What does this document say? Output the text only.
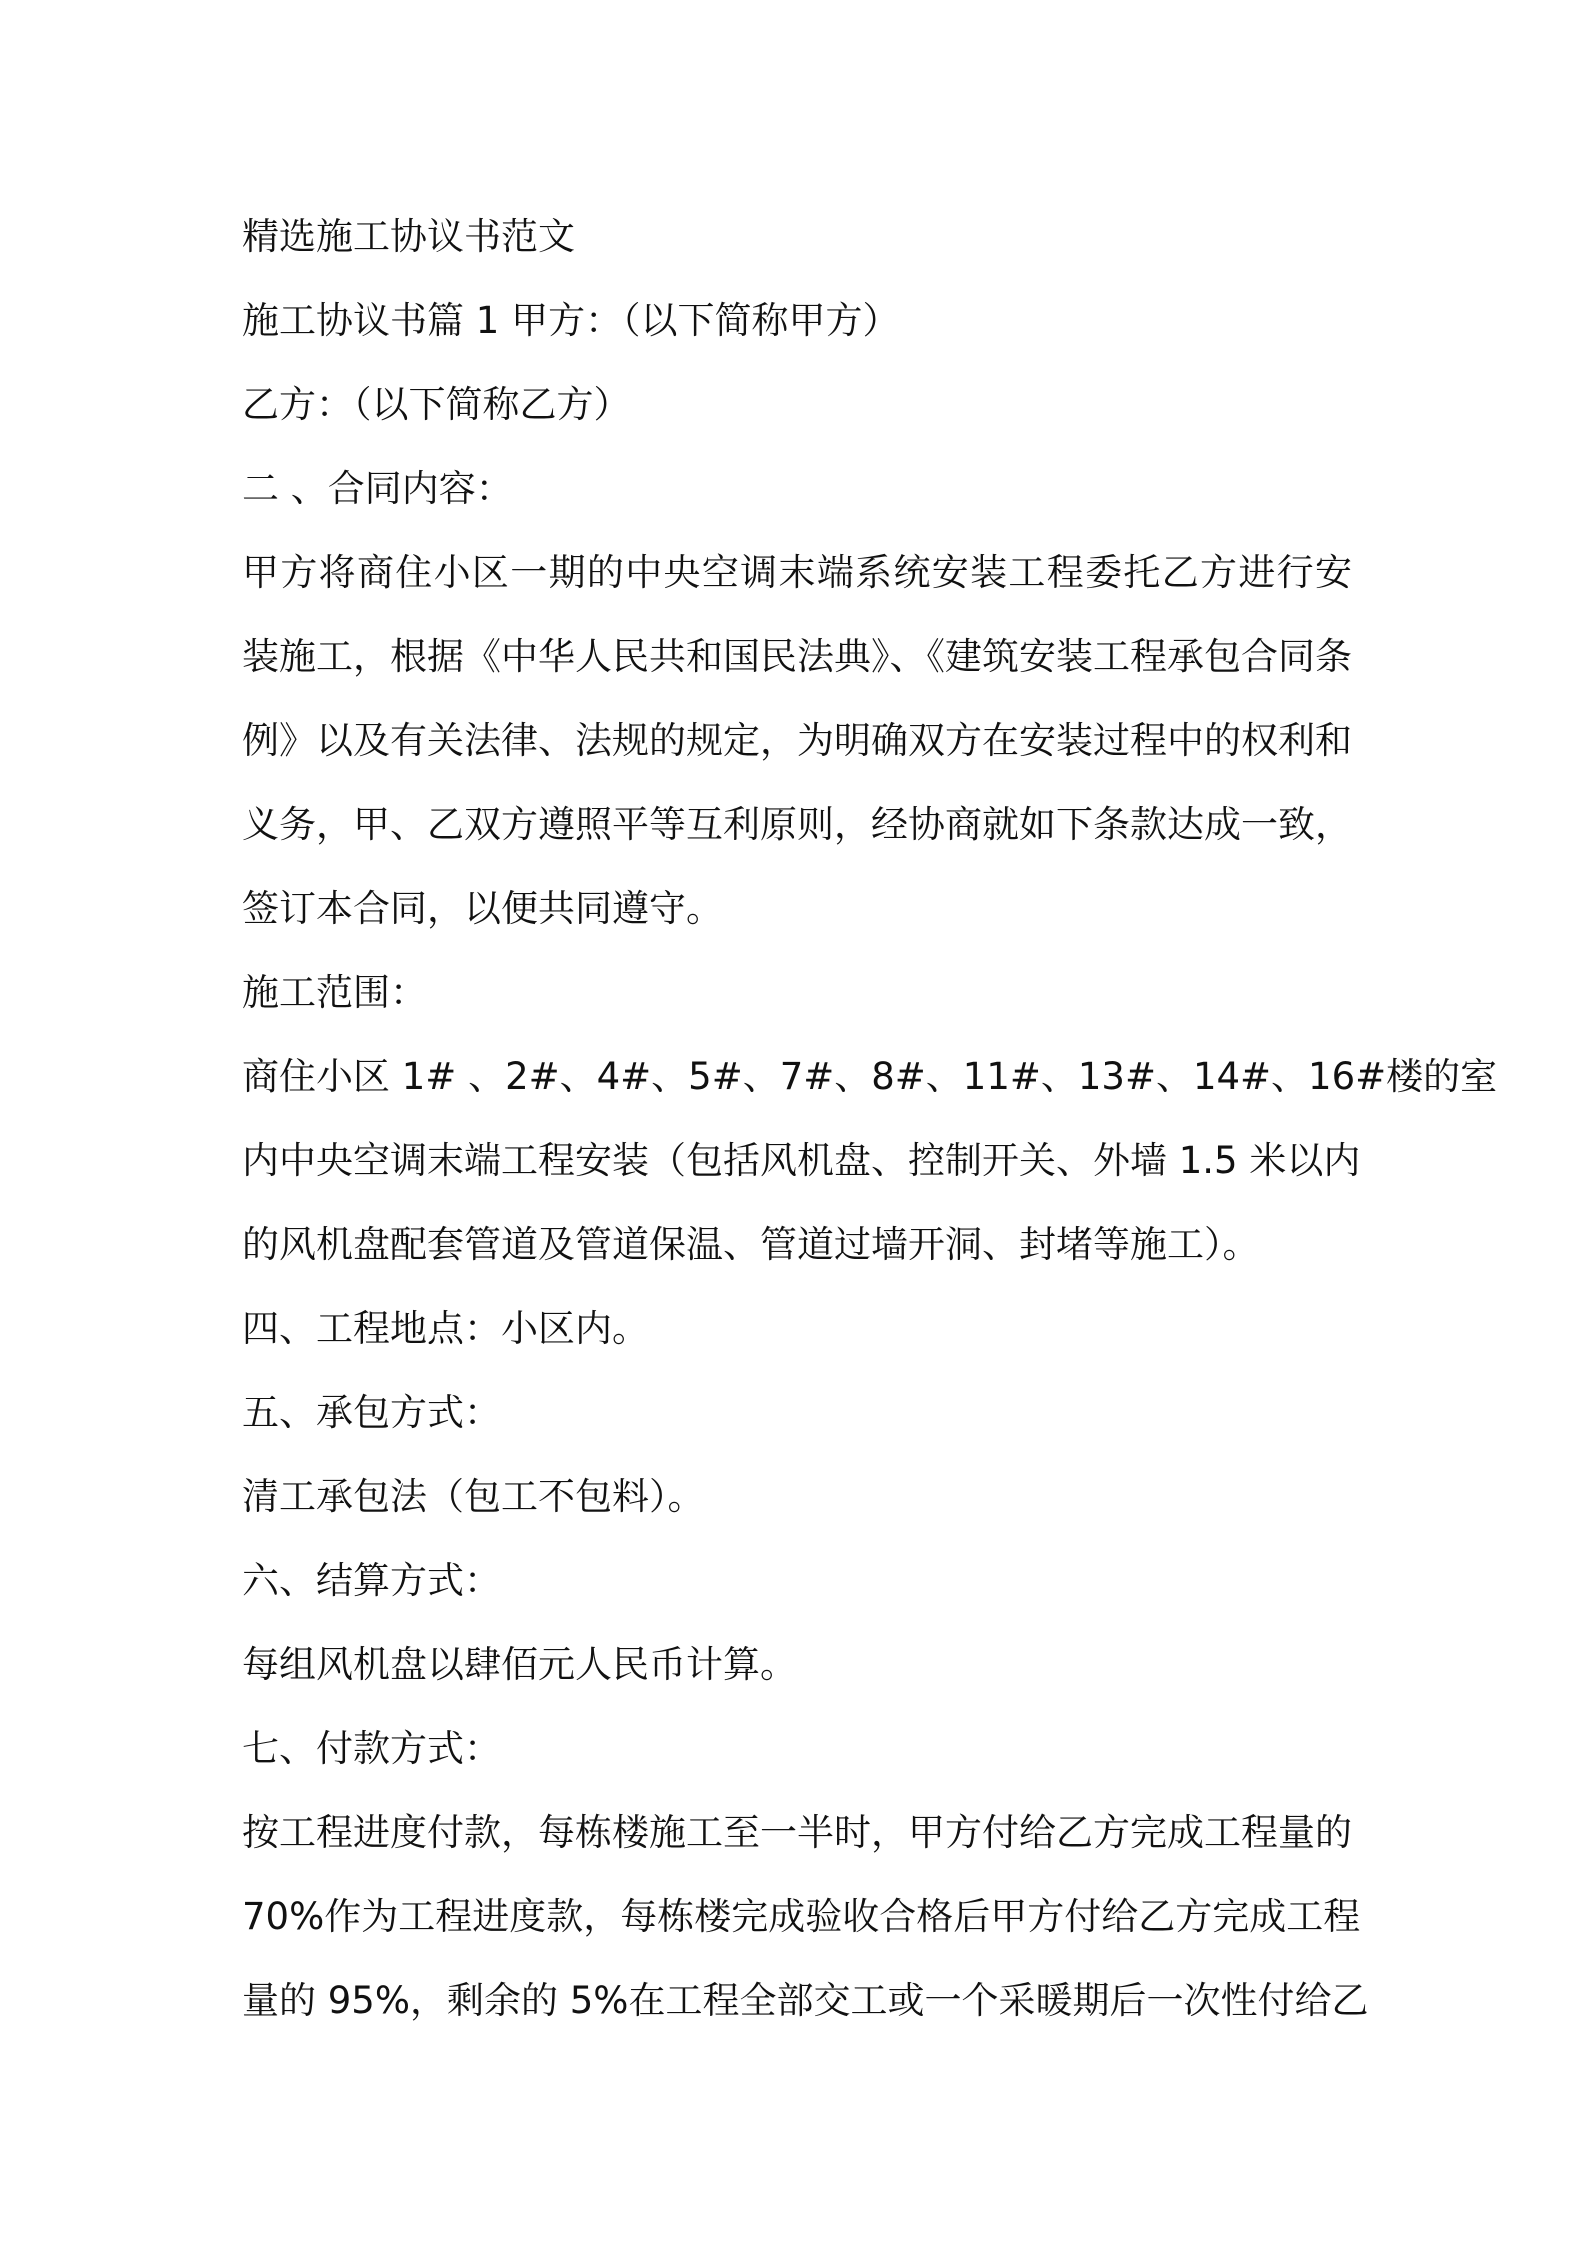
精选施工协议书范文
施工协议书篇 1 甲方：（以下简称甲方）
乙方：（以下简称乙方）
二 、合同内容：
甲方将商住小区一期的中央空调末端系统安装工程委托乙方进行安
装施工，根据《中华人民共和国民法典》、《建筑安装工程承包合同条
例》以及有关法律、法规的规定，为明确双方在安装过程中的权利和
义务，甲、乙双方遵照平等互利原则，经协商就如下条款达成一致，
签订本合同，以便共同遵守。
施工范围：
商住小区 1# 、2#、4#、5#、7#、8#、11#、13#、14#、16#楼的室
内中央空调末端工程安装（包括风机盘、控制开关、外墙 1.5 米以内
的风机盘配套管道及管道保温、管道过墙开洞、封堵等施工）。
四、工程地点：小区内。
五、承包方式：
清工承包法（包工不包料）。
六、结算方式：
每组风机盘以肆佰元人民币计算。
七、付款方式：
按工程进度付款，每栋楼施工至一半时，甲方付给乙方完成工程量的
70%作为工程进度款，每栋楼完成验收合格后甲方付给乙方完成工程
量的 95%，剩余的 5%在工程全部交工或一个采暖期后一次性付给乙
